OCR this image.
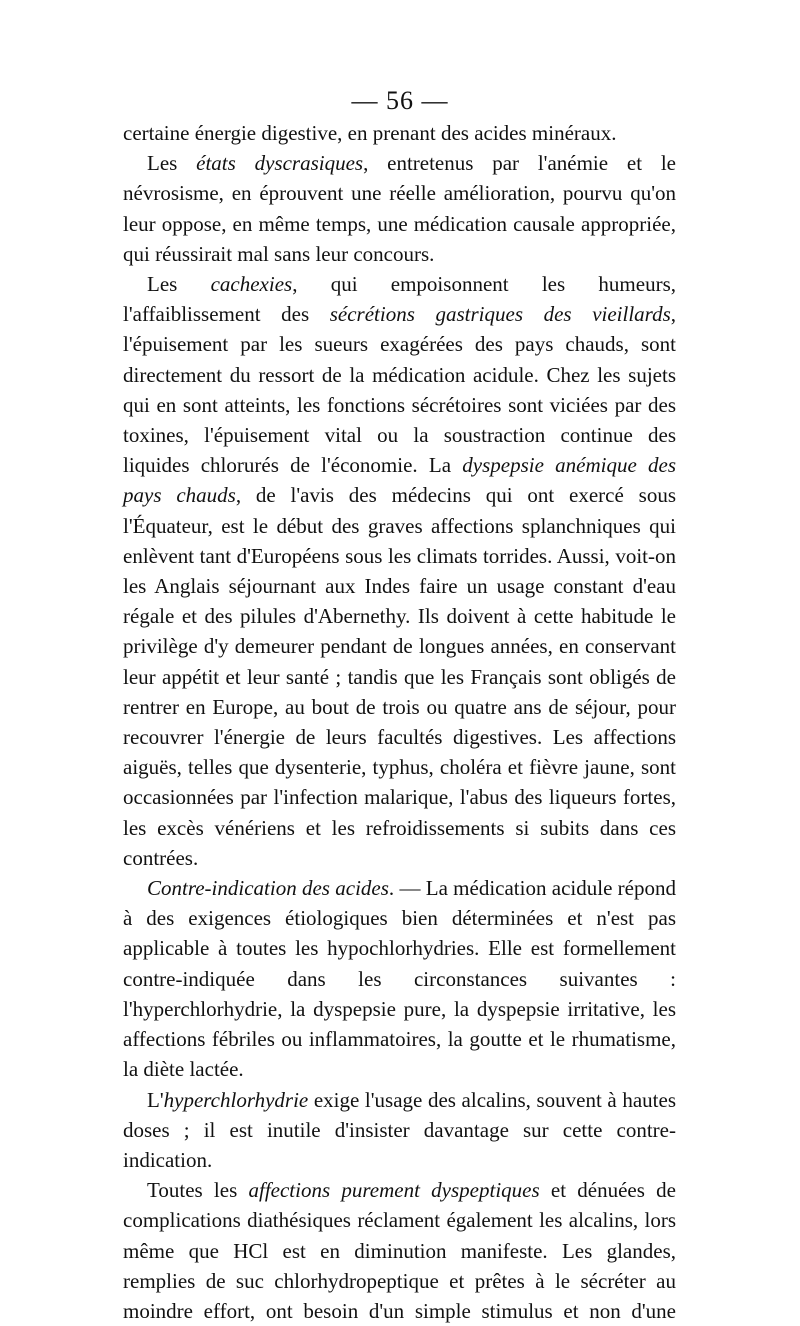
— 56 —

certaine énergie digestive, en prenant des acides minéraux.

Les états dyscrasiques, entretenus par l'anémie et le névrosisme, en éprouvent une réelle amélioration, pourvu qu'on leur oppose, en même temps, une médication causale appropriée, qui réussirait mal sans leur concours.

Les cachexies, qui empoisonnent les humeurs, l'affaiblissement des sécrétions gastriques des vieillards, l'épuisement par les sueurs exagérées des pays chauds, sont directement du ressort de la médication acidule. Chez les sujets qui en sont atteints, les fonctions sécrétoires sont viciées par des toxines, l'épuisement vital ou la soustraction continue des liquides chlorurés de l'économie. La dyspepsie anémique des pays chauds, de l'avis des médecins qui ont exercé sous l'Équateur, est le début des graves affections splanchniques qui enlèvent tant d'Européens sous les climats torrides. Aussi, voit-on les Anglais séjournant aux Indes faire un usage constant d'eau régale et des pilules d'Abernethy. Ils doivent à cette habitude le privilège d'y demeurer pendant de longues années, en conservant leur appétit et leur santé ; tandis que les Français sont obligés de rentrer en Europe, au bout de trois ou quatre ans de séjour, pour recouvrer l'énergie de leurs facultés digestives. Les affections aiguës, telles que dysenterie, typhus, choléra et fièvre jaune, sont occasionnées par l'infection malarique, l'abus des liqueurs fortes, les excès vénériens et les refroidissements si subits dans ces contrées.

Contre-indication des acides. — La médication acidule répond à des exigences étiologiques bien déterminées et n'est pas applicable à toutes les hypochlorhydries. Elle est formellement contre-indiquée dans les circonstances suivantes : l'hyperchlorhydrie, la dyspepsie pure, la dyspepsie irritative, les affections fébriles ou inflammatoires, la goutte et le rhumatisme, la diète lactée.

L'hyperchlorhydrie exige l'usage des alcalins, souvent à hautes doses ; il est inutile d'insister davantage sur cette contre-indication.

Toutes les affections purement dyspeptiques et dénuées de complications diathésiques réclament également les alcalins, lors même que HCl est en diminution manifeste. Les glandes, remplies de suc chlorhydropeptique et prêtes à le sécréter au moindre effort, ont besoin d'un simple stimulus et non d'une
